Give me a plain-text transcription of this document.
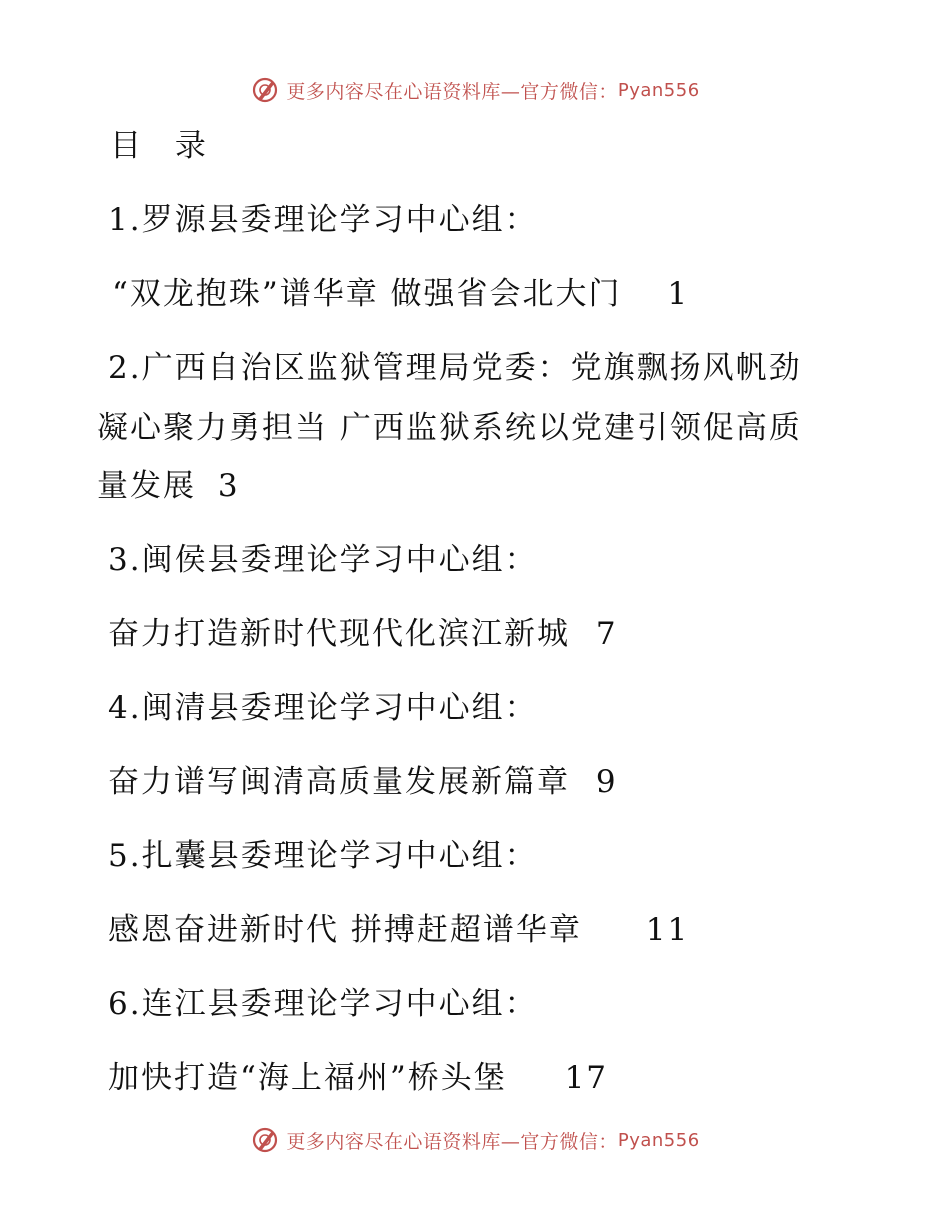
更多内容尽在心语资料库—官方微信： Pyan556
目 录
1.罗源县委理论学习中心组：
“双龙抱珠”谱华章 做强省会北大门 1
2.广西自治区监狱管理局党委：党旗飘扬风帆劲
凝心聚力勇担当 广西监狱系统以党建引领促高质
量发展 3
3.闽侯县委理论学习中心组：
奋力打造新时代现代化滨江新城 7
4.闽清县委理论学习中心组：
奋力谱写闽清高质量发展新篇章 9
5.扎囊县委理论学习中心组：
感恩奋进新时代 拼搏赶超谱华章 11
6.连江县委理论学习中心组：
加快打造“海上福州”桥头堡 17
更多内容尽在心语资料库—官方微信： Pyan556
